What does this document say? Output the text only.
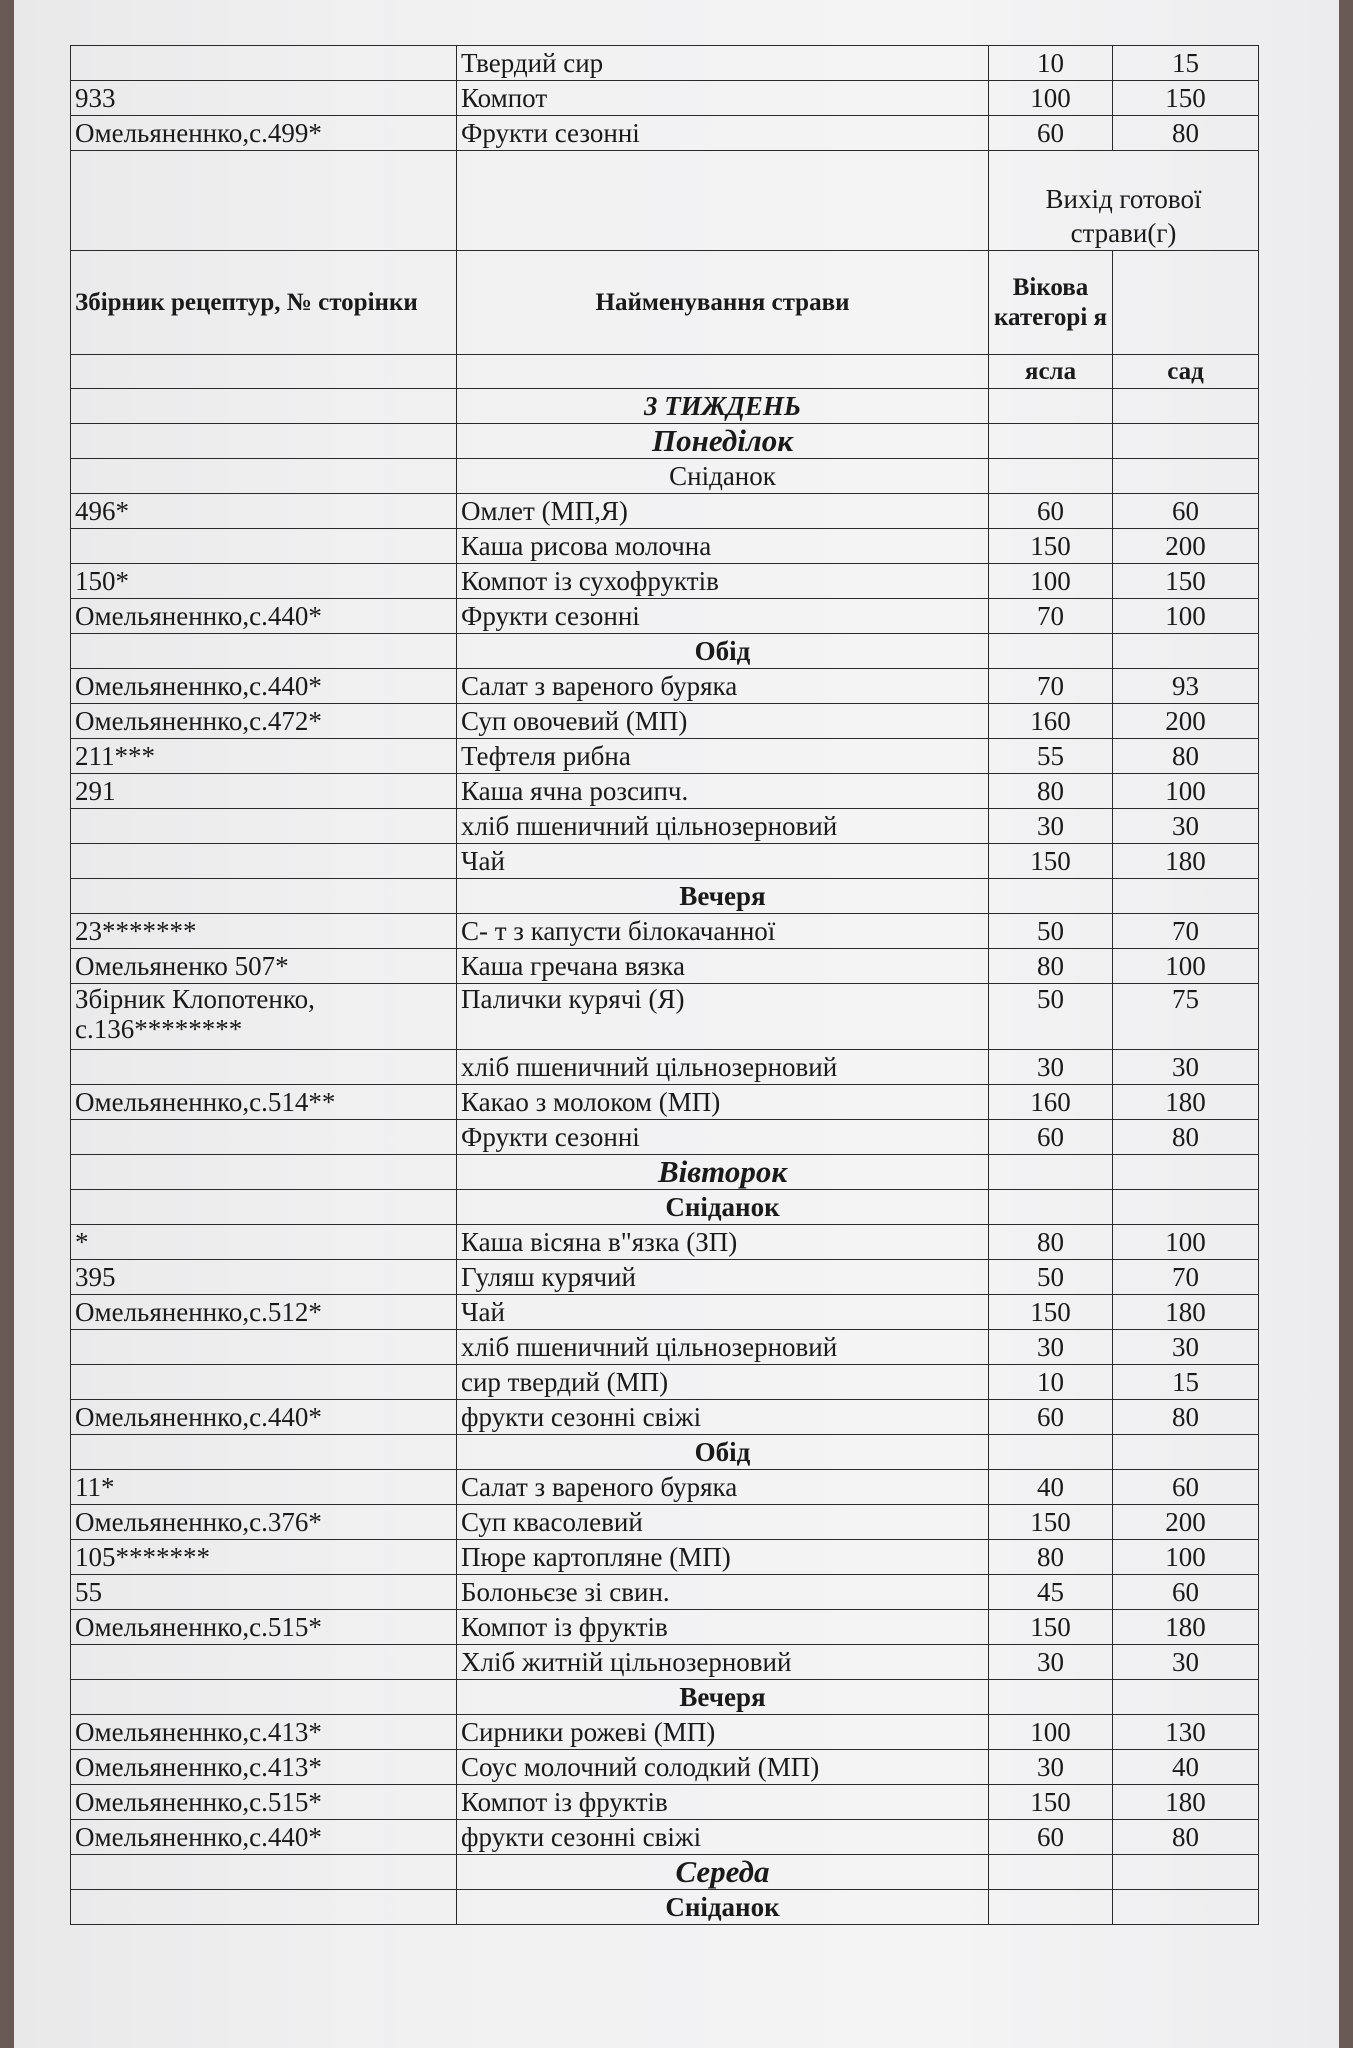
	Твердий сир	10	15
933	Компот	100	150
Омельяненнко,с.499*	Фрукти сезонні	60	80
		Вихід готової страви(г)	
Збірник рецептур, № сторінки	Найменування страви	Вікова категорі я	
		ясла	сад
	3 ТИЖДЕНЬ		
	Понеділок		
	Сніданок		
496*	Омлет (МП,Я)	60	60
	Каша рисова молочна	150	200
150*	Компот із сухофруктів	100	150
Омельяненнко,с.440*	Фрукти сезонні	70	100
	Обід		
Омельяненнко,с.440*	Салат з вареного буряка	70	93
Омельяненнко,с.472*	Суп овочевий (МП)	160	200
211***	Тефтеля рибна	55	80
291	Каша ячна розсипч.	80	100
	хліб пшеничний цільнозерновий	30	30
	Чай	150	180
	Вечеря		
23*******	С- т з капусти білокачанної	50	70
Омельяненко 507*	Каша гречана вязка	80	100
Збірник Клопотенко, с.136********	Палички курячі (Я)	50	75
	хліб пшеничний цільнозерновий	30	30
Омельяненнко,с.514**	Какао з молоком (МП)	160	180
	Фрукти сезонні	60	80
	Вівторок		
	Сніданок		
*	Каша вісяна в"язка (ЗП)	80	100
395	Гуляш курячий	50	70
Омельяненнко,с.512*	Чай	150	180
	хліб пшеничний цільнозерновий	30	30
	сир твердий (МП)	10	15
Омельяненнко,с.440*	фрукти сезонні свіжі	60	80
	Обід		
11*	Салат з вареного буряка	40	60
Омельяненнко,с.376*	Суп квасолевий	150	200
105*******	Пюре картопляне (МП)	80	100
55	Болоньєзе зі свин.	45	60
Омельяненнко,с.515*	Компот із фруктів	150	180
	Хліб житній цільнозерновий	30	30
	Вечеря		
Омельяненнко,с.413*	Сирники рожеві (МП)	100	130
Омельяненнко,с.413*	Соус молочний солодкий (МП)	30	40
Омельяненнко,с.515*	Компот із фруктів	150	180
Омельяненнко,с.440*	фрукти сезонні свіжі	60	80
	Середа		
	Сніданок		
